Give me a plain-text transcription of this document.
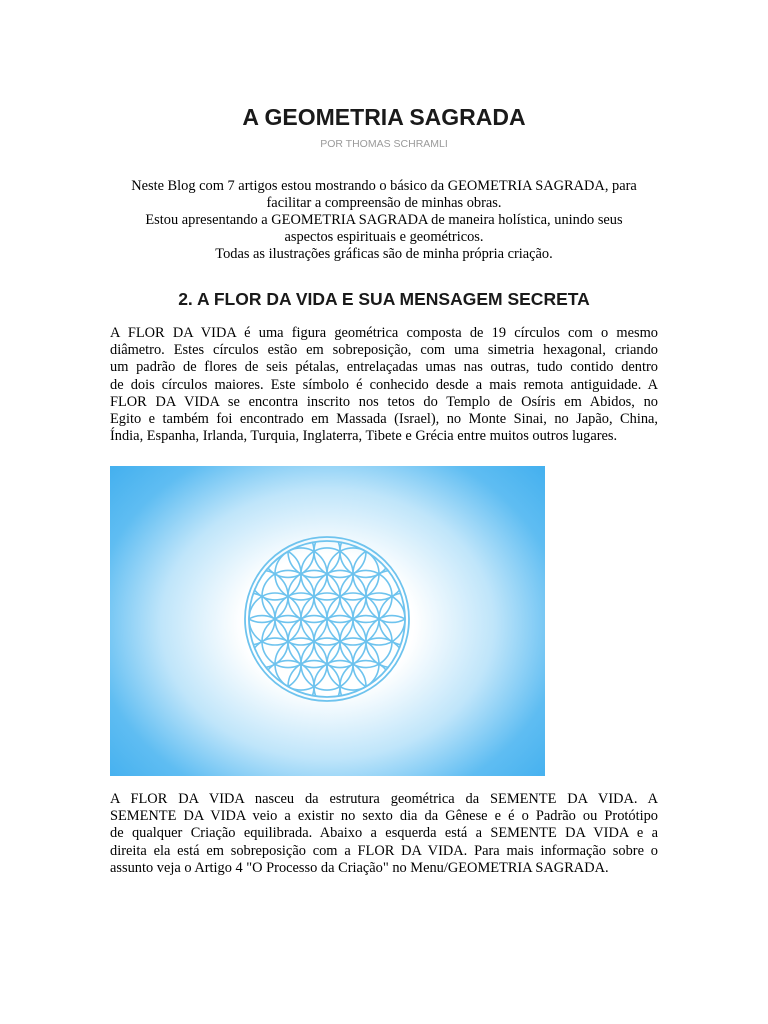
A GEOMETRIA SAGRADA
POR THOMAS SCHRAMLI
Neste Blog com 7 artigos estou mostrando o básico da GEOMETRIA SAGRADA, para
facilitar a compreensão de minhas obras.
Estou apresentando a GEOMETRIA SAGRADA de maneira holística, unindo seus
aspectos espirituais e geométricos.
Todas as ilustrações gráficas são de minha própria criação.
2. A FLOR DA VIDA E SUA MENSAGEM SECRETA
A FLOR DA VIDA é uma figura geométrica composta de 19 círculos com o mesmo
diâmetro. Estes círculos estão em sobreposição, com uma simetria hexagonal, criando
um padrão de flores de seis pétalas, entrelaçadas umas nas outras, tudo contido dentro
de dois círculos maiores. Este símbolo é conhecido desde a mais remota antiguidade. A
FLOR DA VIDA se encontra inscrito nos tetos do Templo de Osíris em Abidos, no
Egito e também foi encontrado em Massada (Israel), no Monte Sinai, no Japão, China,
Índia, Espanha, Irlanda, Turquia, Inglaterra, Tibete e Grécia entre muitos outros lugares.
A FLOR DA VIDA nasceu da estrutura geométrica da SEMENTE DA VIDA. A
SEMENTE DA VIDA veio a existir no sexto dia da Gênese e é o Padrão ou Protótipo
de qualquer Criação equilibrada. Abaixo a esquerda está a SEMENTE DA VIDA e a
direita ela está em sobreposição com a FLOR DA VIDA. Para mais informação sobre o
assunto veja o Artigo 4 "O Processo da Criação" no Menu/GEOMETRIA SAGRADA.
